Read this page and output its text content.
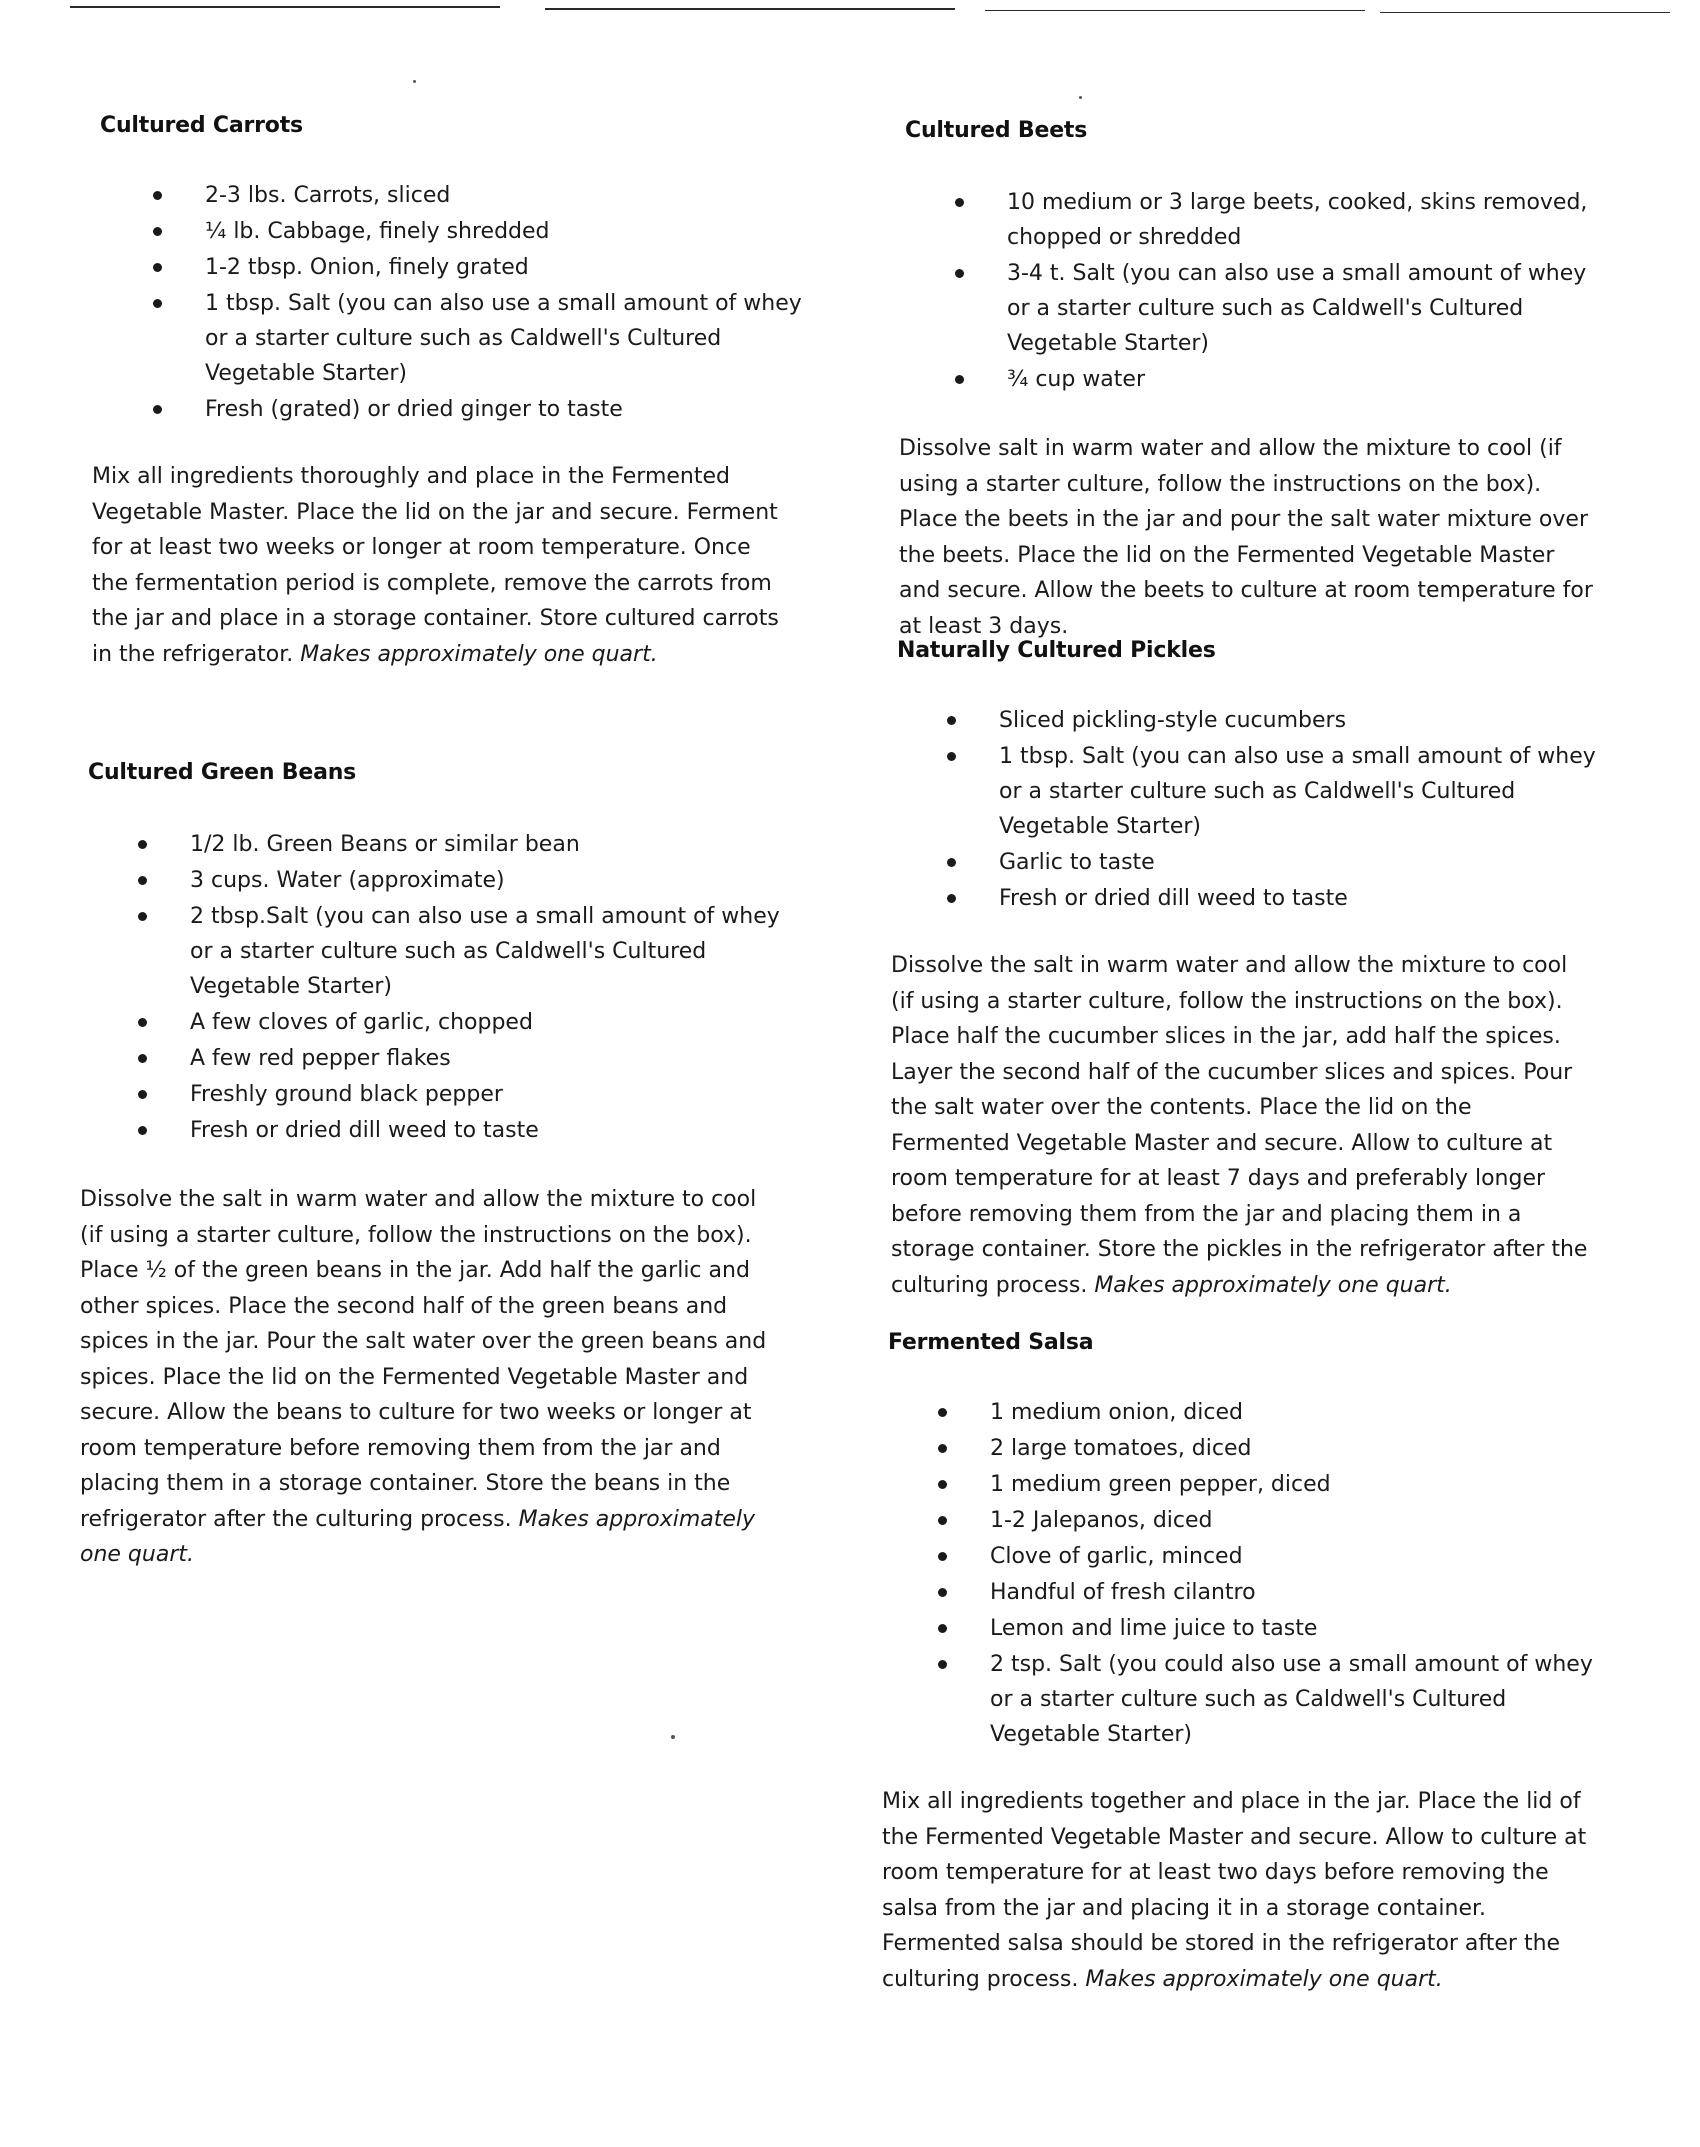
Cultured Carrots
2-3 lbs. Carrots, sliced
¼ lb. Cabbage, finely shredded
1-2 tbsp. Onion, finely grated
1 tbsp. Salt (you can also use a small amount of whey or a starter culture such as Caldwell's Cultured Vegetable Starter)
Fresh (grated) or dried ginger to taste

Mix all ingredients thoroughly and place in the Fermented Vegetable Master. Place the lid on the jar and secure. Ferment for at least two weeks or longer at room temperature. Once the fermentation period is complete, remove the carrots from the jar and place in a storage container. Store cultured carrots in the refrigerator. Makes approximately one quart.

Cultured Green Beans
1/2 lb. Green Beans or similar bean
3 cups. Water (approximate)
2 tbsp.Salt (you can also use a small amount of whey or a starter culture such as Caldwell's Cultured Vegetable Starter)
A few cloves of garlic, chopped
A few red pepper flakes
Freshly ground black pepper
Fresh or dried dill weed to taste

Dissolve the salt in warm water and allow the mixture to cool (if using a starter culture, follow the instructions on the box). Place ½ of the green beans in the jar. Add half the garlic and other spices. Place the second half of the green beans and spices in the jar. Pour the salt water over the green beans and spices. Place the lid on the Fermented Vegetable Master and secure. Allow the beans to culture for two weeks or longer at room temperature before removing them from the jar and placing them in a storage container. Store the beans in the refrigerator after the culturing process. Makes approximately one quart.

Cultured Beets
10 medium or 3 large beets, cooked, skins removed, chopped or shredded
3-4 t. Salt (you can also use a small amount of whey or a starter culture such as Caldwell's Cultured Vegetable Starter)
¾ cup water

Dissolve salt in warm water and allow the mixture to cool (if using a starter culture, follow the instructions on the box). Place the beets in the jar and pour the salt water mixture over the beets. Place the lid on the Fermented Vegetable Master and secure. Allow the beets to culture at room temperature for at least 3 days.

Naturally Cultured Pickles
Sliced pickling-style cucumbers
1 tbsp. Salt (you can also use a small amount of whey or a starter culture such as Caldwell's Cultured Vegetable Starter)
Garlic to taste
Fresh or dried dill weed to taste

Dissolve the salt in warm water and allow the mixture to cool (if using a starter culture, follow the instructions on the box). Place half the cucumber slices in the jar, add half the spices. Layer the second half of the cucumber slices and spices. Pour the salt water over the contents. Place the lid on the Fermented Vegetable Master and secure. Allow to culture at room temperature for at least 7 days and preferably longer before removing them from the jar and placing them in a storage container. Store the pickles in the refrigerator after the culturing process. Makes approximately one quart.

Fermented Salsa
1 medium onion, diced
2 large tomatoes, diced
1 medium green pepper, diced
1-2 Jalepanos, diced
Clove of garlic, minced
Handful of fresh cilantro
Lemon and lime juice to taste
2 tsp. Salt (you could also use a small amount of whey or a starter culture such as Caldwell's Cultured Vegetable Starter)

Mix all ingredients together and place in the jar. Place the lid of the Fermented Vegetable Master and secure. Allow to culture at room temperature for at least two days before removing the salsa from the jar and placing it in a storage container. Fermented salsa should be stored in the refrigerator after the culturing process. Makes approximately one quart.
